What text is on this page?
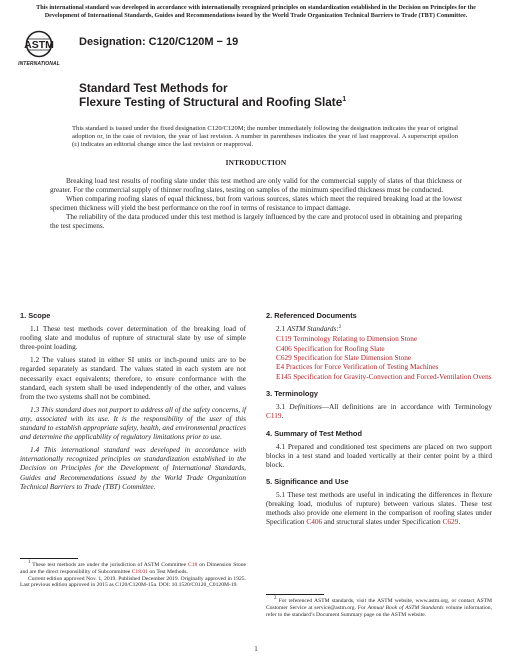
This international standard was developed in accordance with internationally recognized principles on standardization established in the Decision on Principles for the Development of International Standards, Guides and Recommendations issued by the World Trade Organization Technical Barriers to Trade (TBT) Committee.
ASTM
INTERNATIONAL
Designation: C120/C120M − 19
Standard Test Methods for
Flexure Testing of Structural and Roofing Slate$^1$
This standard is issued under the fixed designation C120/C120M; the number immediately following the designation indicates the year of original adoption or, in the case of revision, the year of last revision. A number in parentheses indicates the year of last reapproval. A superscript epsilon (ε) indicates an editorial change since the last revision or reapproval.
INTRODUCTION

Breaking load test results of roofing slate under this test method are only valid for the commercial supply of slates of that thickness or greater. For the commercial supply of thinner roofing slates, testing on samples of the minimum specified thickness must be conducted.

When comparing roofing slates of equal thickness, but from various sources, slates which meet the required breaking load at the lowest specimen thickness will yield the best performance on the roof in terms of resistance to impact damage.

The reliability of the data produced under this test method is largely influenced by the care and protocol used in obtaining and preparing the test specimens.

1. Scope

1.1 These test methods cover determination of the breaking load of roofing slate and modulus of rupture of structural slate by use of simple three-point loading.

1.2 The values stated in either SI units or inch-pound units are to be regarded separately as standard. The values stated in each system are not necessarily exact equivalents; therefore, to ensure conformance with the standard, each system shall be used independently of the other, and values from the two systems shall not be combined.

1.3 This standard does not purport to address all of the safety concerns, if any, associated with its use. It is the responsibility of the user of this standard to establish appropriate safety, health, and environmental practices and determine the applicability of regulatory limitations prior to use.

1.4 This international standard was developed in accordance with internationally recognized principles on standardization established in the Decision on Principles for the Development of International Standards, Guides and Recommendations issued by the World Trade Organization Technical Barriers to Trade (TBT) Committee.

$^1$ These test methods are under the jurisdiction of ASTM Committee C18 on Dimension Stone and are the direct responsibility of Subcommittee C18.01 on Test Methods.

Current edition approved Nov. 1, 2019. Published December 2019. Originally approved in 1925. Last previous edition approved in 2015 as C120/C120M-15a. DOI: 10.1520/C0120_C0120M-19.

2. Referenced Documents
2.1 ASTM Standards:$^2$
C119 Terminology Relating to Dimension Stone
C406 Specification for Roofing Slate
C629 Specification for Slate Dimension Stone
E4 Practices for Force Verification of Testing Machines
E145 Specification for Gravity-Convection and Forced-Ventilation Ovens
3. Terminology

3.1 Definitions—All definitions are in accordance with Terminology C119.

4. Summary of Test Method

4.1 Prepared and conditioned test specimens are placed on two support blocks in a test stand and loaded vertically at their center point by a third block.

5. Significance and Use

5.1 These test methods are useful in indicating the differences in flexure (breaking load, modulus of rupture) between various slates. These test methods also provide one element in the comparison of roofing slates under Specification C406 and structural slates under Specification C629.

$^2$ For referenced ASTM standards, visit the ASTM website, www.astm.org, or contact ASTM Customer Service at service@astm.org. For Annual Book of ASTM Standards volume information, refer to the standard’s Document Summary page on the ASTM website.

1
